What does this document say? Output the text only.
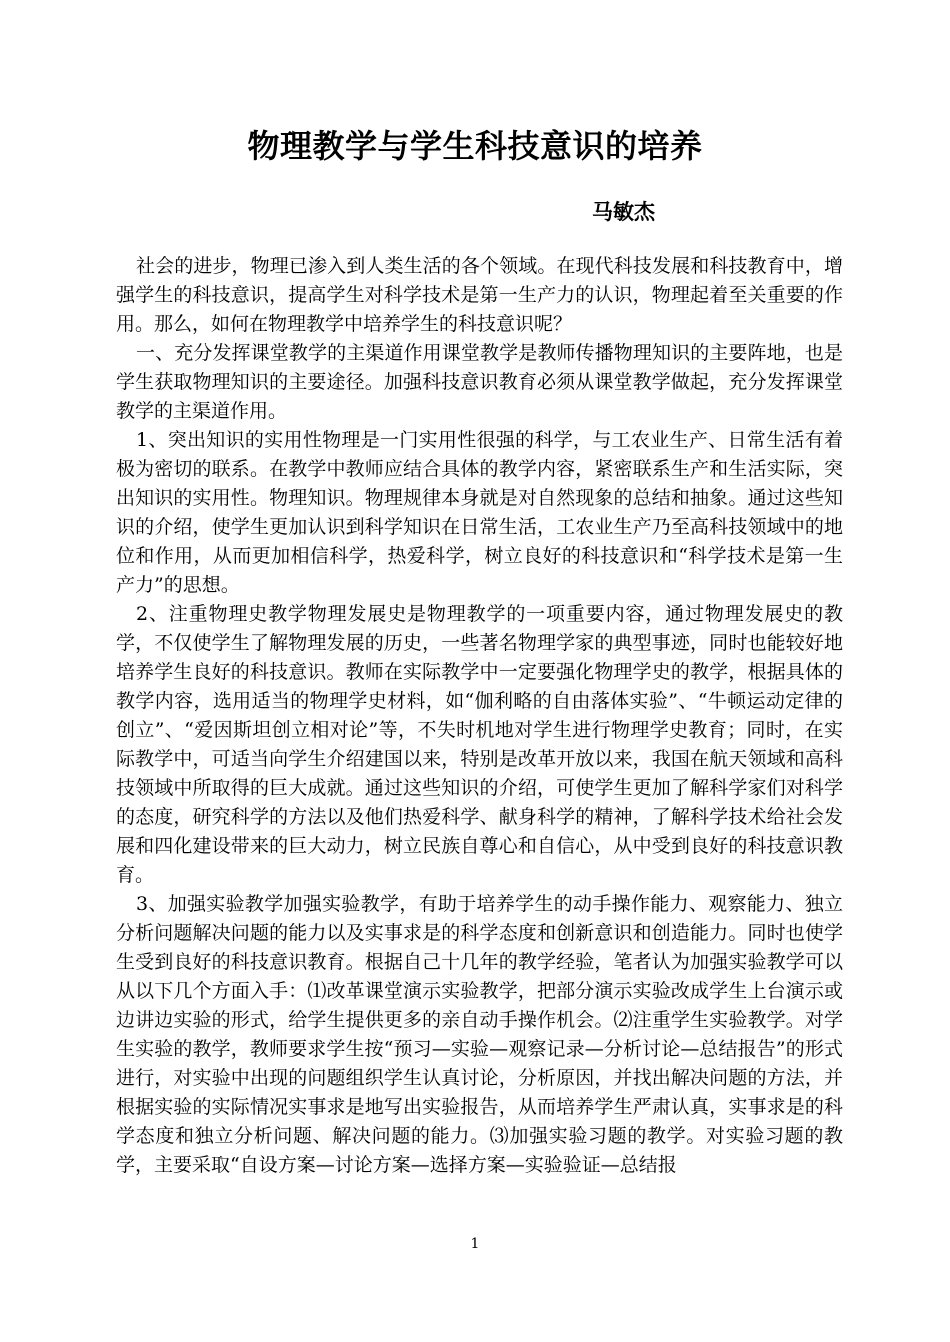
物理教学与学生科技意识的培养

马敏杰

社会的进步，物理已渗入到人类生活的各个领域。在现代科技发展和科技教育中，增强学生的科技意识，提高学生对科学技术是第一生产力的认识，物理起着至关重要的作用。那么，如何在物理教学中培养学生的科技意识呢？

一、充分发挥课堂教学的主渠道作用课堂教学是教师传播物理知识的主要阵地，也是学生获取物理知识的主要途径。加强科技意识教育必须从课堂教学做起，充分发挥课堂教学的主渠道作用。

1、突出知识的实用性物理是一门实用性很强的科学，与工农业生产、日常生活有着极为密切的联系。在教学中教师应结合具体的教学内容，紧密联系生产和生活实际，突出知识的实用性。物理知识。物理规律本身就是对自然现象的总结和抽象。通过这些知识的介绍，使学生更加认识到科学知识在日常生活，工农业生产乃至高科技领域中的地位和作用，从而更加相信科学，热爱科学，树立良好的科技意识和“科学技术是第一生产力”的思想。

2、注重物理史教学物理发展史是物理教学的一项重要内容，通过物理发展史的教学，不仅使学生了解物理发展的历史，一些著名物理学家的典型事迹，同时也能较好地培养学生良好的科技意识。教师在实际教学中一定要强化物理学史的教学，根据具体的教学内容，选用适当的物理学史材料，如“伽利略的自由落体实验”、“牛顿运动定律的创立”、“爱因斯坦创立相对论”等，不失时机地对学生进行物理学史教育；同时，在实际教学中，可适当向学生介绍建国以来，特别是改革开放以来，我国在航天领域和高科技领域中所取得的巨大成就。通过这些知识的介绍，可使学生更加了解科学家们对科学的态度，研究科学的方法以及他们热爱科学、献身科学的精神，了解科学技术给社会发展和四化建设带来的巨大动力，树立民族自尊心和自信心，从中受到良好的科技意识教育。

3、加强实验教学加强实验教学，有助于培养学生的动手操作能力、观察能力、独立分析问题解决问题的能力以及实事求是的科学态度和创新意识和创造能力。同时也使学生受到良好的科技意识教育。根据自己十几年的教学经验，笔者认为加强实验教学可以从以下几个方面入手：⑴改革课堂演示实验教学，把部分演示实验改成学生上台演示或边讲边实验的形式，给学生提供更多的亲自动手操作机会。⑵注重学生实验教学。对学生实验的教学，教师要求学生按“预习—实验—观察记录—分析讨论—总结报告”的形式进行，对实验中出现的问题组织学生认真讨论，分析原因，并找出解决问题的方法，并根据实验的实际情况实事求是地写出实验报告，从而培养学生严肃认真，实事求是的科学态度和独立分析问题、解决问题的能力。⑶加强实验习题的教学。对实验习题的教学，主要采取“自设方案—讨论方案—选择方案—实验验证—总结报

1
